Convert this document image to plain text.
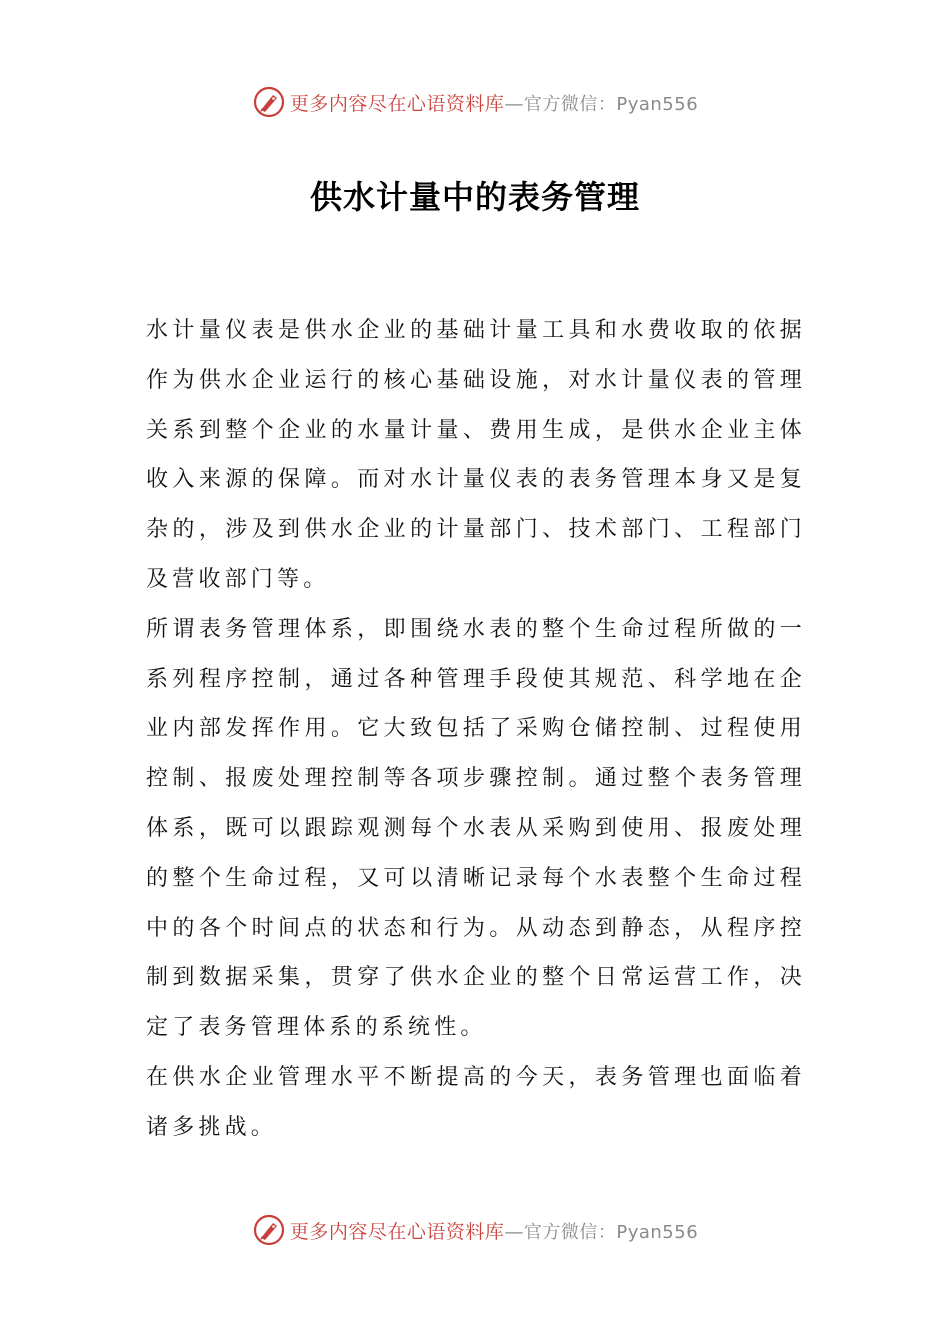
更多内容尽在心语资料库—官方微信：Pyan556
供水计量中的表务管理

水计量仪表是供水企业的基础计量工具和水费收取的依据作为供水企业运行的核心基础设施，对水计量仪表的管理关系到整个企业的水量计量、费用生成，是供水企业主体收入来源的保障。而对水计量仪表的表务管理本身又是复杂的，涉及到供水企业的计量部门、技术部门、工程部门及营收部门等。

所谓表务管理体系，即围绕水表的整个生命过程所做的一系列程序控制，通过各种管理手段使其规范、科学地在企业内部发挥作用。它大致包括了采购仓储控制、过程使用控制、报废处理控制等各项步骤控制。通过整个表务管理体系，既可以跟踪观测每个水表从采购到使用、报废处理的整个生命过程，又可以清晰记录每个水表整个生命过程中的各个时间点的状态和行为。从动态到静态，从程序控制到数据采集，贯穿了供水企业的整个日常运营工作，决定了表务管理体系的系统性。

在供水企业管理水平不断提高的今天，表务管理也面临着诸多挑战。

更多内容尽在心语资料库—官方微信：Pyan556
